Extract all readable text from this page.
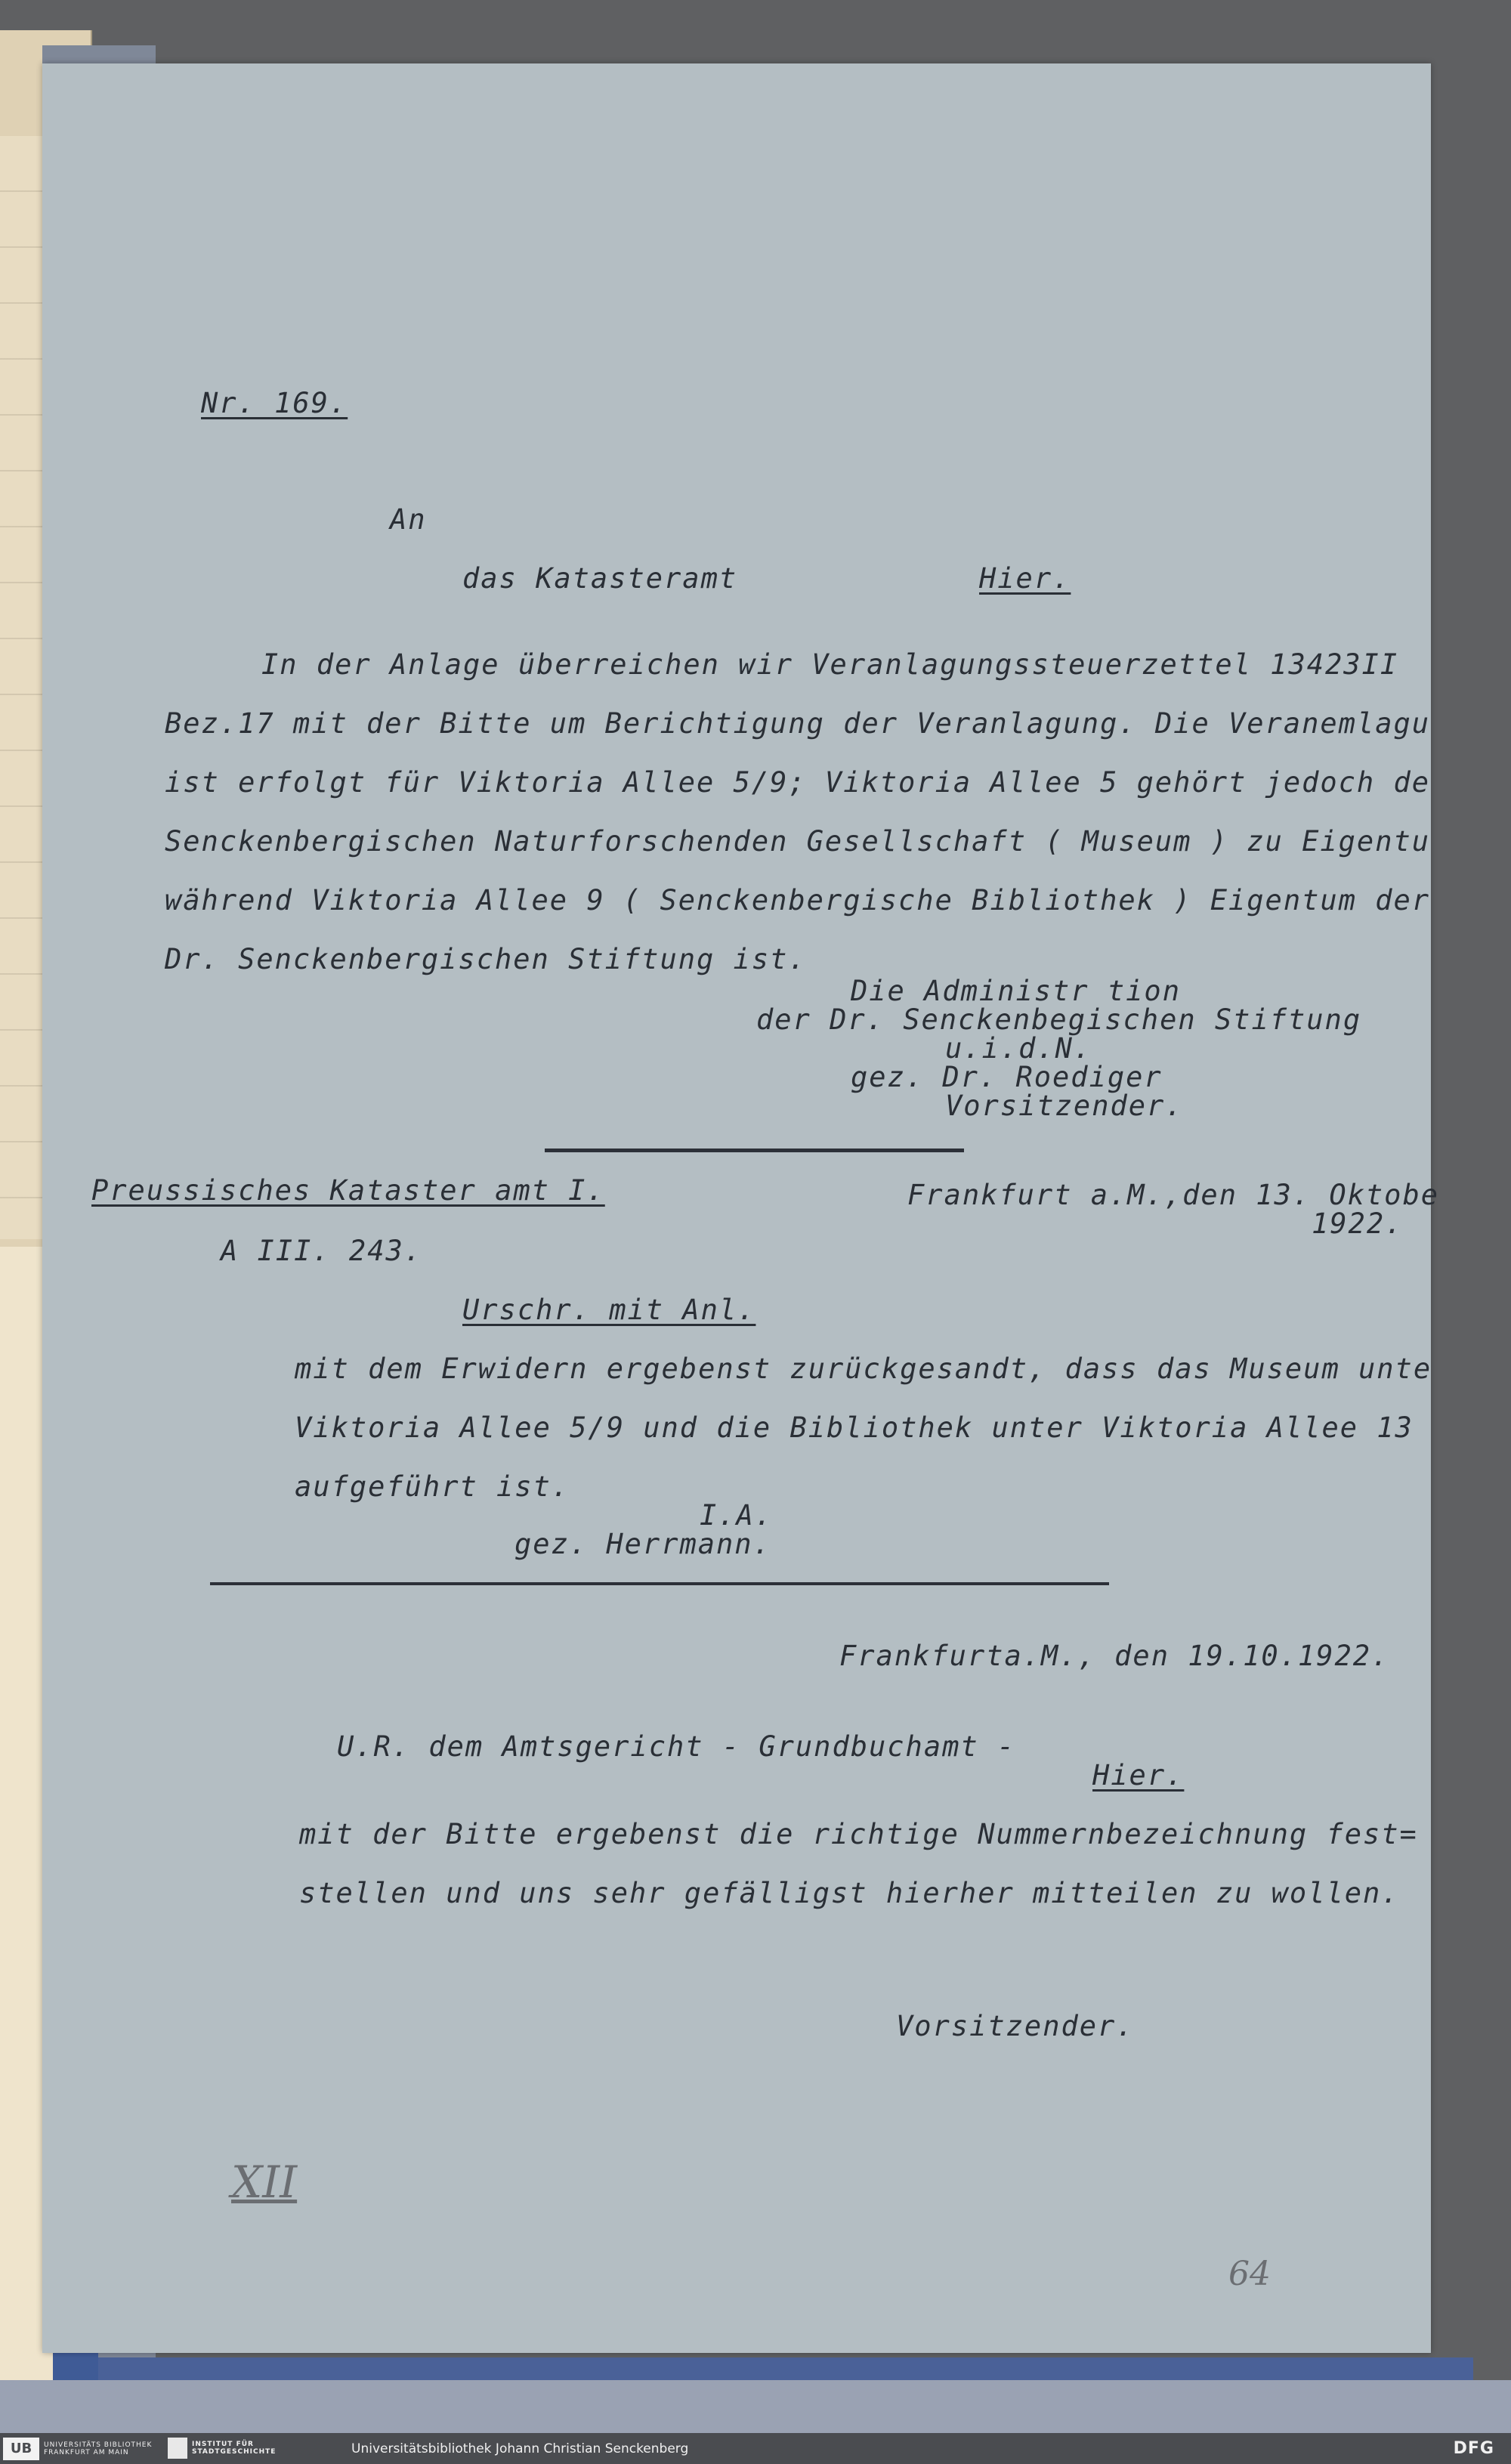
Nr. 169.

An

das Katasteramt	Hier.

In der Anlage überreichen wir Veranlagungssteuerzettel 13423II

Bez.17 mit der Bitte um Berichtigung der Veranlagung. Die Veranemlagu

ist erfolgt für Viktoria Allee 5/9; Viktoria Allee 5 gehört jedoch de

Senckenbergischen Naturforschenden Gesellschaft ( Museum ) zu Eigentu

während Viktoria Allee 9 ( Senckenbergische Bibliothek ) Eigentum der

Dr. Senckenbergischen Stiftung ist.

Die Administr tion

der Dr. Senckenbegischen Stiftung

u.i.d.N.

gez. Dr. Roediger

Vorsitzender.

Preussisches Kataster amt I.	Frankfurt a.M.,den 13. Oktobe

1922.

A III. 243.

Urschr. mit Anl.

mit dem Erwidern ergebenst zurückgesandt, dass das Museum unte

Viktoria Allee 5/9 und die Bibliothek unter Viktoria Allee 13

aufgeführt ist.

I.A.

gez. Herrmann.

Frankfurta.M., den 19.10.1922.

U.R. dem Amtsgericht - Grundbuchamt -

Hier.

mit der Bitte ergebenst die richtige Nummernbezeichnung fest=

stellen und uns sehr gefälligst hierher mitteilen zu wollen.

Vorsitzender.

XII
64
UB	UNIVERSITÄTS BIBLIOTHEK FRANKFURT AM MAIN
INSTITUT FÜR STADTGESCHICHTE	Universitätsbibliothek Johann Christian Senckenberg	DFG
